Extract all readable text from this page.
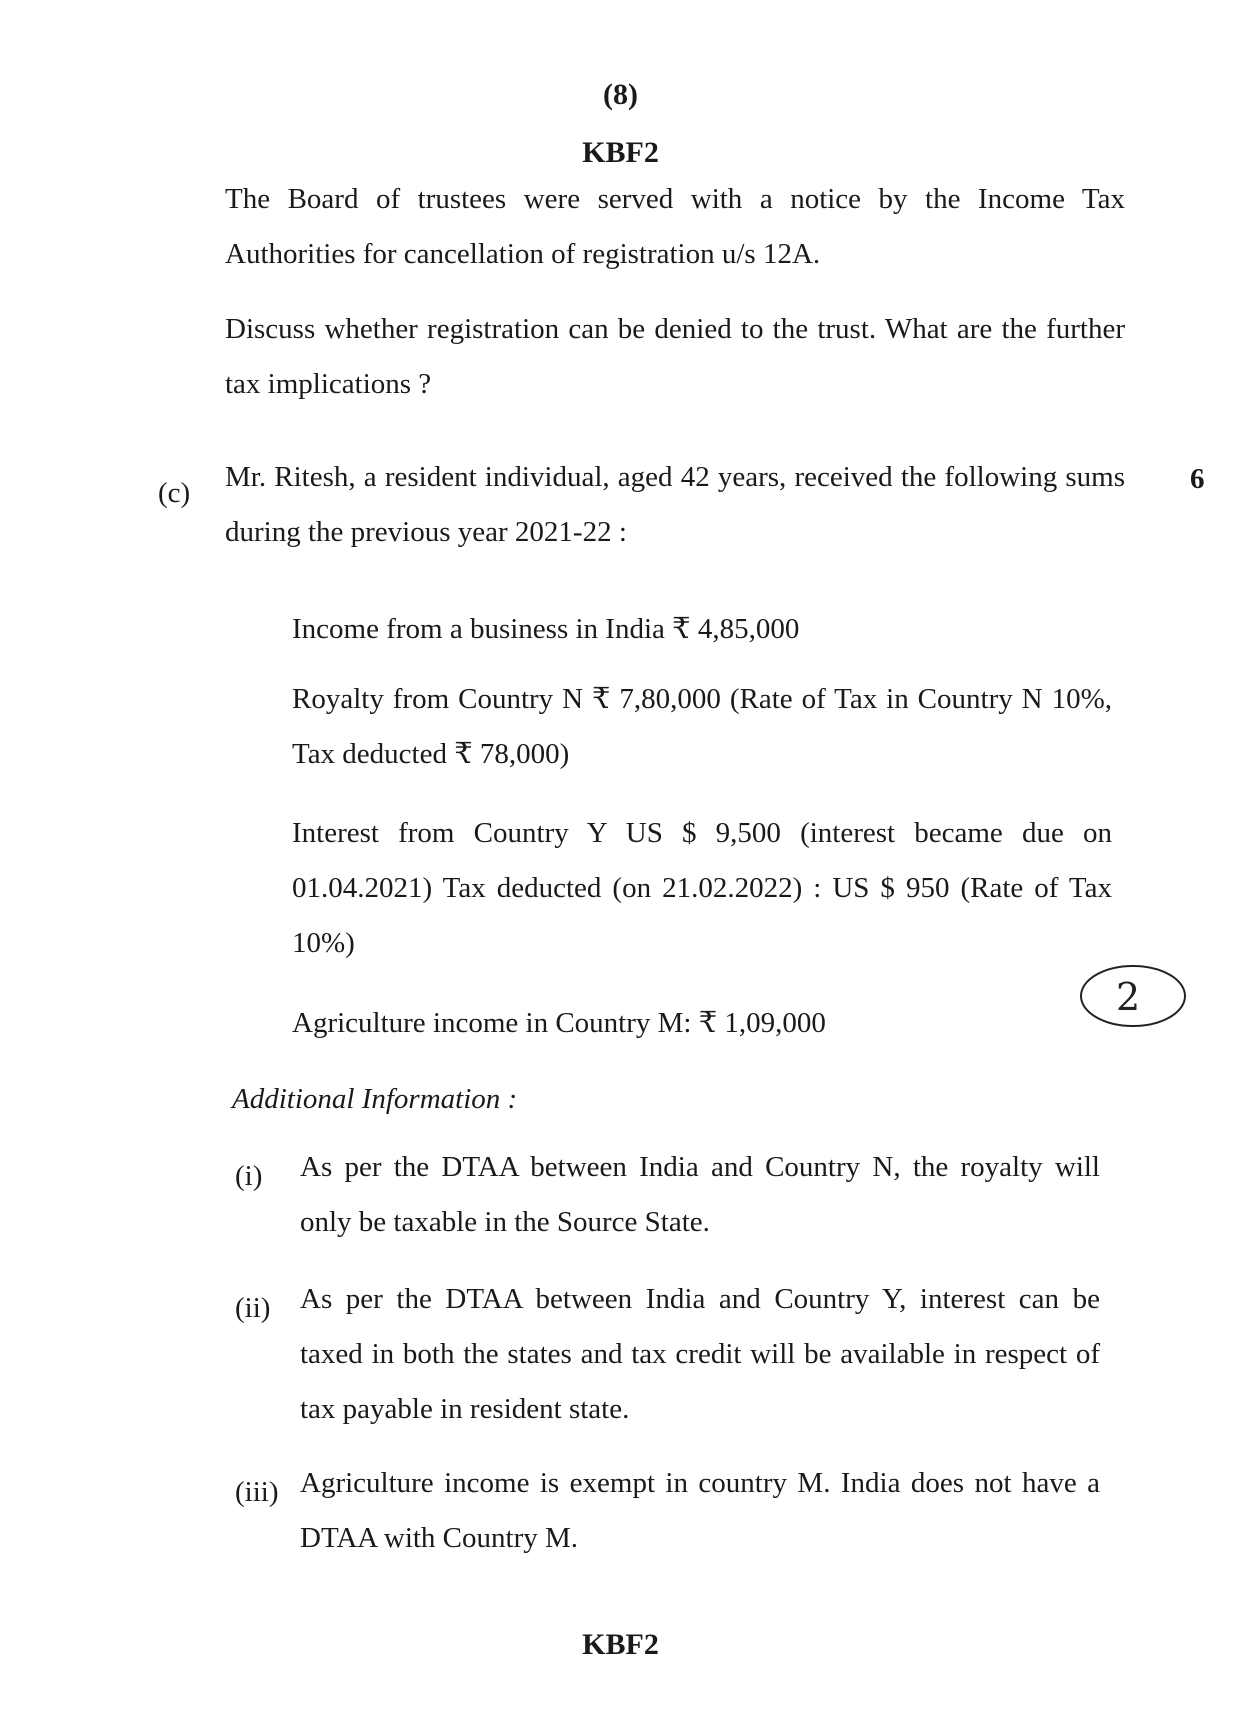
(8)
KBF2
The Board of trustees were served with a notice by the Income Tax Authorities for cancellation of registration u/s 12A.
Discuss whether registration can be denied to the trust. What are the further tax implications ?
(c)	6
Mr. Ritesh, a resident individual, aged 42 years, received the following sums during the previous year 2021-22 :
Income from a business in India ₹ 4,85,000
Royalty from Country N ₹ 7,80,000 (Rate of Tax in Country N 10%, Tax deducted ₹ 78,000)
Interest from Country Y US $ 9,500 (interest became due on 01.04.2021) Tax deducted (on 21.02.2022) : US $ 950 (Rate of Tax 10%)
Agriculture income in Country M: ₹ 1,09,000
2
Additional Information :
(i) As per the DTAA between India and Country N, the royalty will only be taxable in the Source State.
(ii) As per the DTAA between India and Country Y, interest can be taxed in both the states and tax credit will be available in respect of tax payable in resident state.
(iii) Agriculture income is exempt in country M. India does not have a DTAA with Country M.
KBF2
